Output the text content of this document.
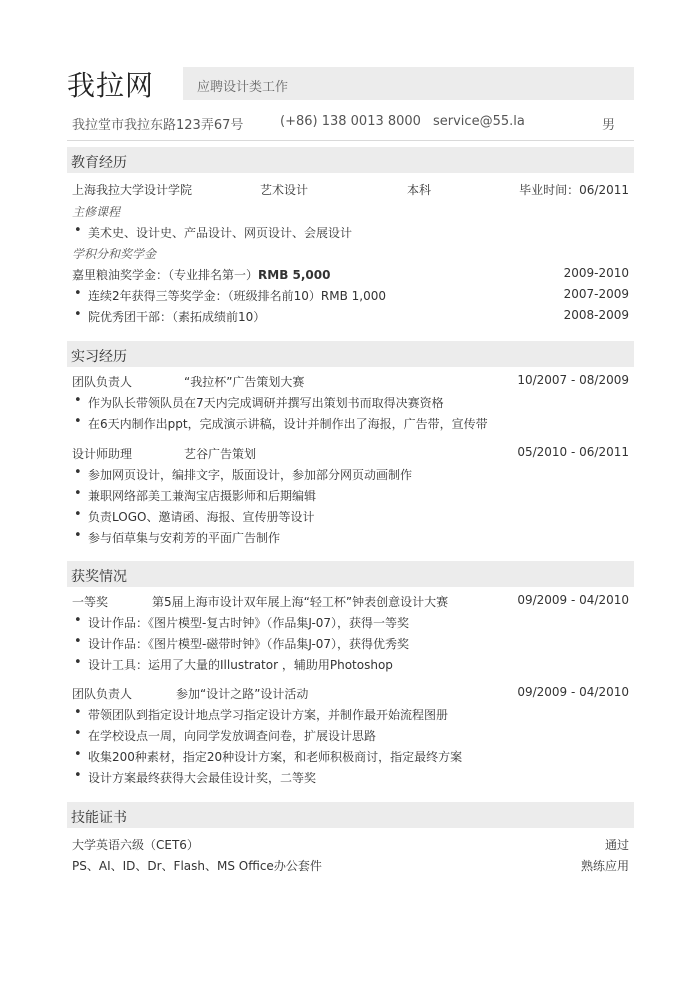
我拉网	应聘设计类工作
我拉堂市我拉东路123弄67号	(+86) 138 0013 8000 service@55.la	男
教育经历
上海我拉大学设计学院	艺术设计	本科	毕业时间：06/2011
主修课程
• 美术史、设计史、产品设计、网页设计、会展设计
学积分和奖学金
嘉里粮油奖学金：（专业排名第一）RMB 5,000	2009-2010
• 连续2年获得三等奖学金：（班级排名前10）RMB 1,000	2007-2009
• 院优秀团干部：（素拓成绩前10）	2008-2009
实习经历
团队负责人	“我拉杯”广告策划大赛	10/2007 - 08/2009
• 作为队长带领队员在7天内完成调研并撰写出策划书而取得决赛资格
• 在6天内制作出ppt，完成演示讲稿，设计并制作出了海报，广告带，宣传带
设计师助理	艺谷广告策划	05/2010 - 06/2011
• 参加网页设计，编排文字，版面设计，参加部分网页动画制作
• 兼职网络部美工兼淘宝店摄影师和后期编辑
• 负责LOGO、邀请函、海报、宣传册等设计
• 参与佰草集与安莉芳的平面广告制作
获奖情况
一等奖	第5届上海市设计双年展上海“轻工杯”钟表创意设计大赛	09/2009 - 04/2010
• 设计作品：《图片模型-复古时钟》（作品集J-07），获得一等奖
• 设计作品：《图片模型-磁带时钟》（作品集J-07），获得优秀奖
• 设计工具：运用了大量的Illustrator ，辅助用Photoshop
团队负责人	参加“设计之路”设计活动	09/2009 - 04/2010
• 带领团队到指定设计地点学习指定设计方案，并制作最开始流程图册
• 在学校设点一周，向同学发放调查问卷，扩展设计思路
• 收集200种素材，指定20种设计方案，和老师积极商讨，指定最终方案
• 设计方案最终获得大会最佳设计奖，二等奖
技能证书
大学英语六级（CET6）	通过
PS、AI、ID、Dr、Flash、MS Office办公套件	熟练应用
